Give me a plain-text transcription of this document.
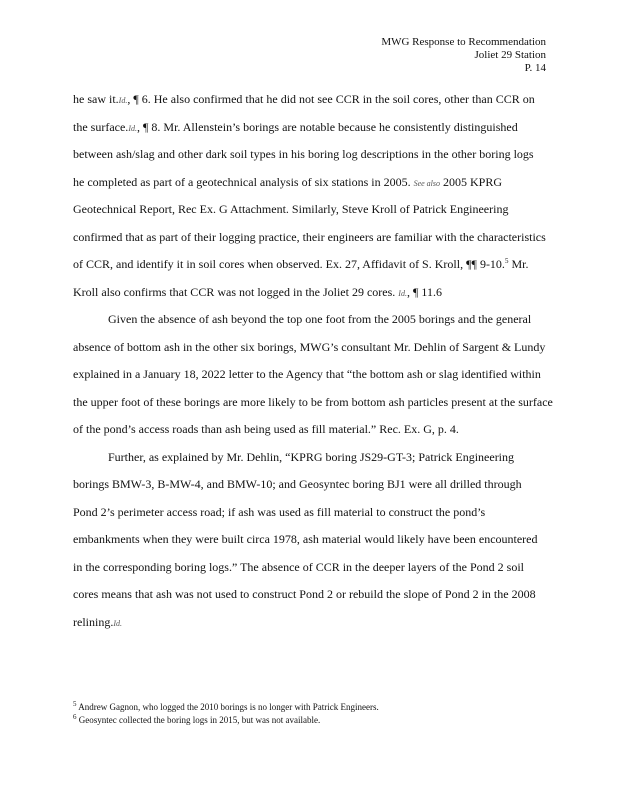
MWG Response to Recommendation
Joliet 29 Station
P. 14
he saw it.Id., ¶ 6. He also confirmed that he did not see CCR in the soil cores, other than CCR on
the surface.Id., ¶ 8. Mr. Allenstein’s borings are notable because he consistently distinguished
between ash/slag and other dark soil types in his boring log descriptions in the other boring logs
he completed as part of a geotechnical analysis of six stations in 2005. See also 2005 KPRG
Geotechnical Report, Rec Ex. G Attachment. Similarly, Steve Kroll of Patrick Engineering
confirmed that as part of their logging practice, their engineers are familiar with the characteristics
of CCR, and identify it in soil cores when observed. Ex. 27, Affidavit of S. Kroll, ¶¶ 9-10.$^5$ Mr.
Kroll also confirms that CCR was not logged in the Joliet 29 cores. Id., ¶ 11.6
Given the absence of ash beyond the top one foot from the 2005 borings and the general
absence of bottom ash in the other six borings, MWG’s consultant Mr. Dehlin of Sargent & Lundy
explained in a January 18, 2022 letter to the Agency that “the bottom ash or slag identified within
the upper foot of these borings are more likely to be from bottom ash particles present at the surface
of the pond’s access roads than ash being used as fill material.” Rec. Ex. G, p. 4.
Further, as explained by Mr. Dehlin, “KPRG boring JS29-GT-3; Patrick Engineering
borings BMW-3, B-MW-4, and BMW-10; and Geosyntec boring BJ1 were all drilled through
Pond 2’s perimeter access road; if ash was used as fill material to construct the pond’s
embankments when they were built circa 1978, ash material would likely have been encountered
in the corresponding boring logs.” The absence of CCR in the deeper layers of the Pond 2 soil
cores means that ash was not used to construct Pond 2 or rebuild the slope of Pond 2 in the 2008
relining.Id.
$^5$ Andrew Gagnon, who logged the 2010 borings is no longer with Patrick Engineers.
$^6$ Geosyntec collected the boring logs in 2015, but was not available.
